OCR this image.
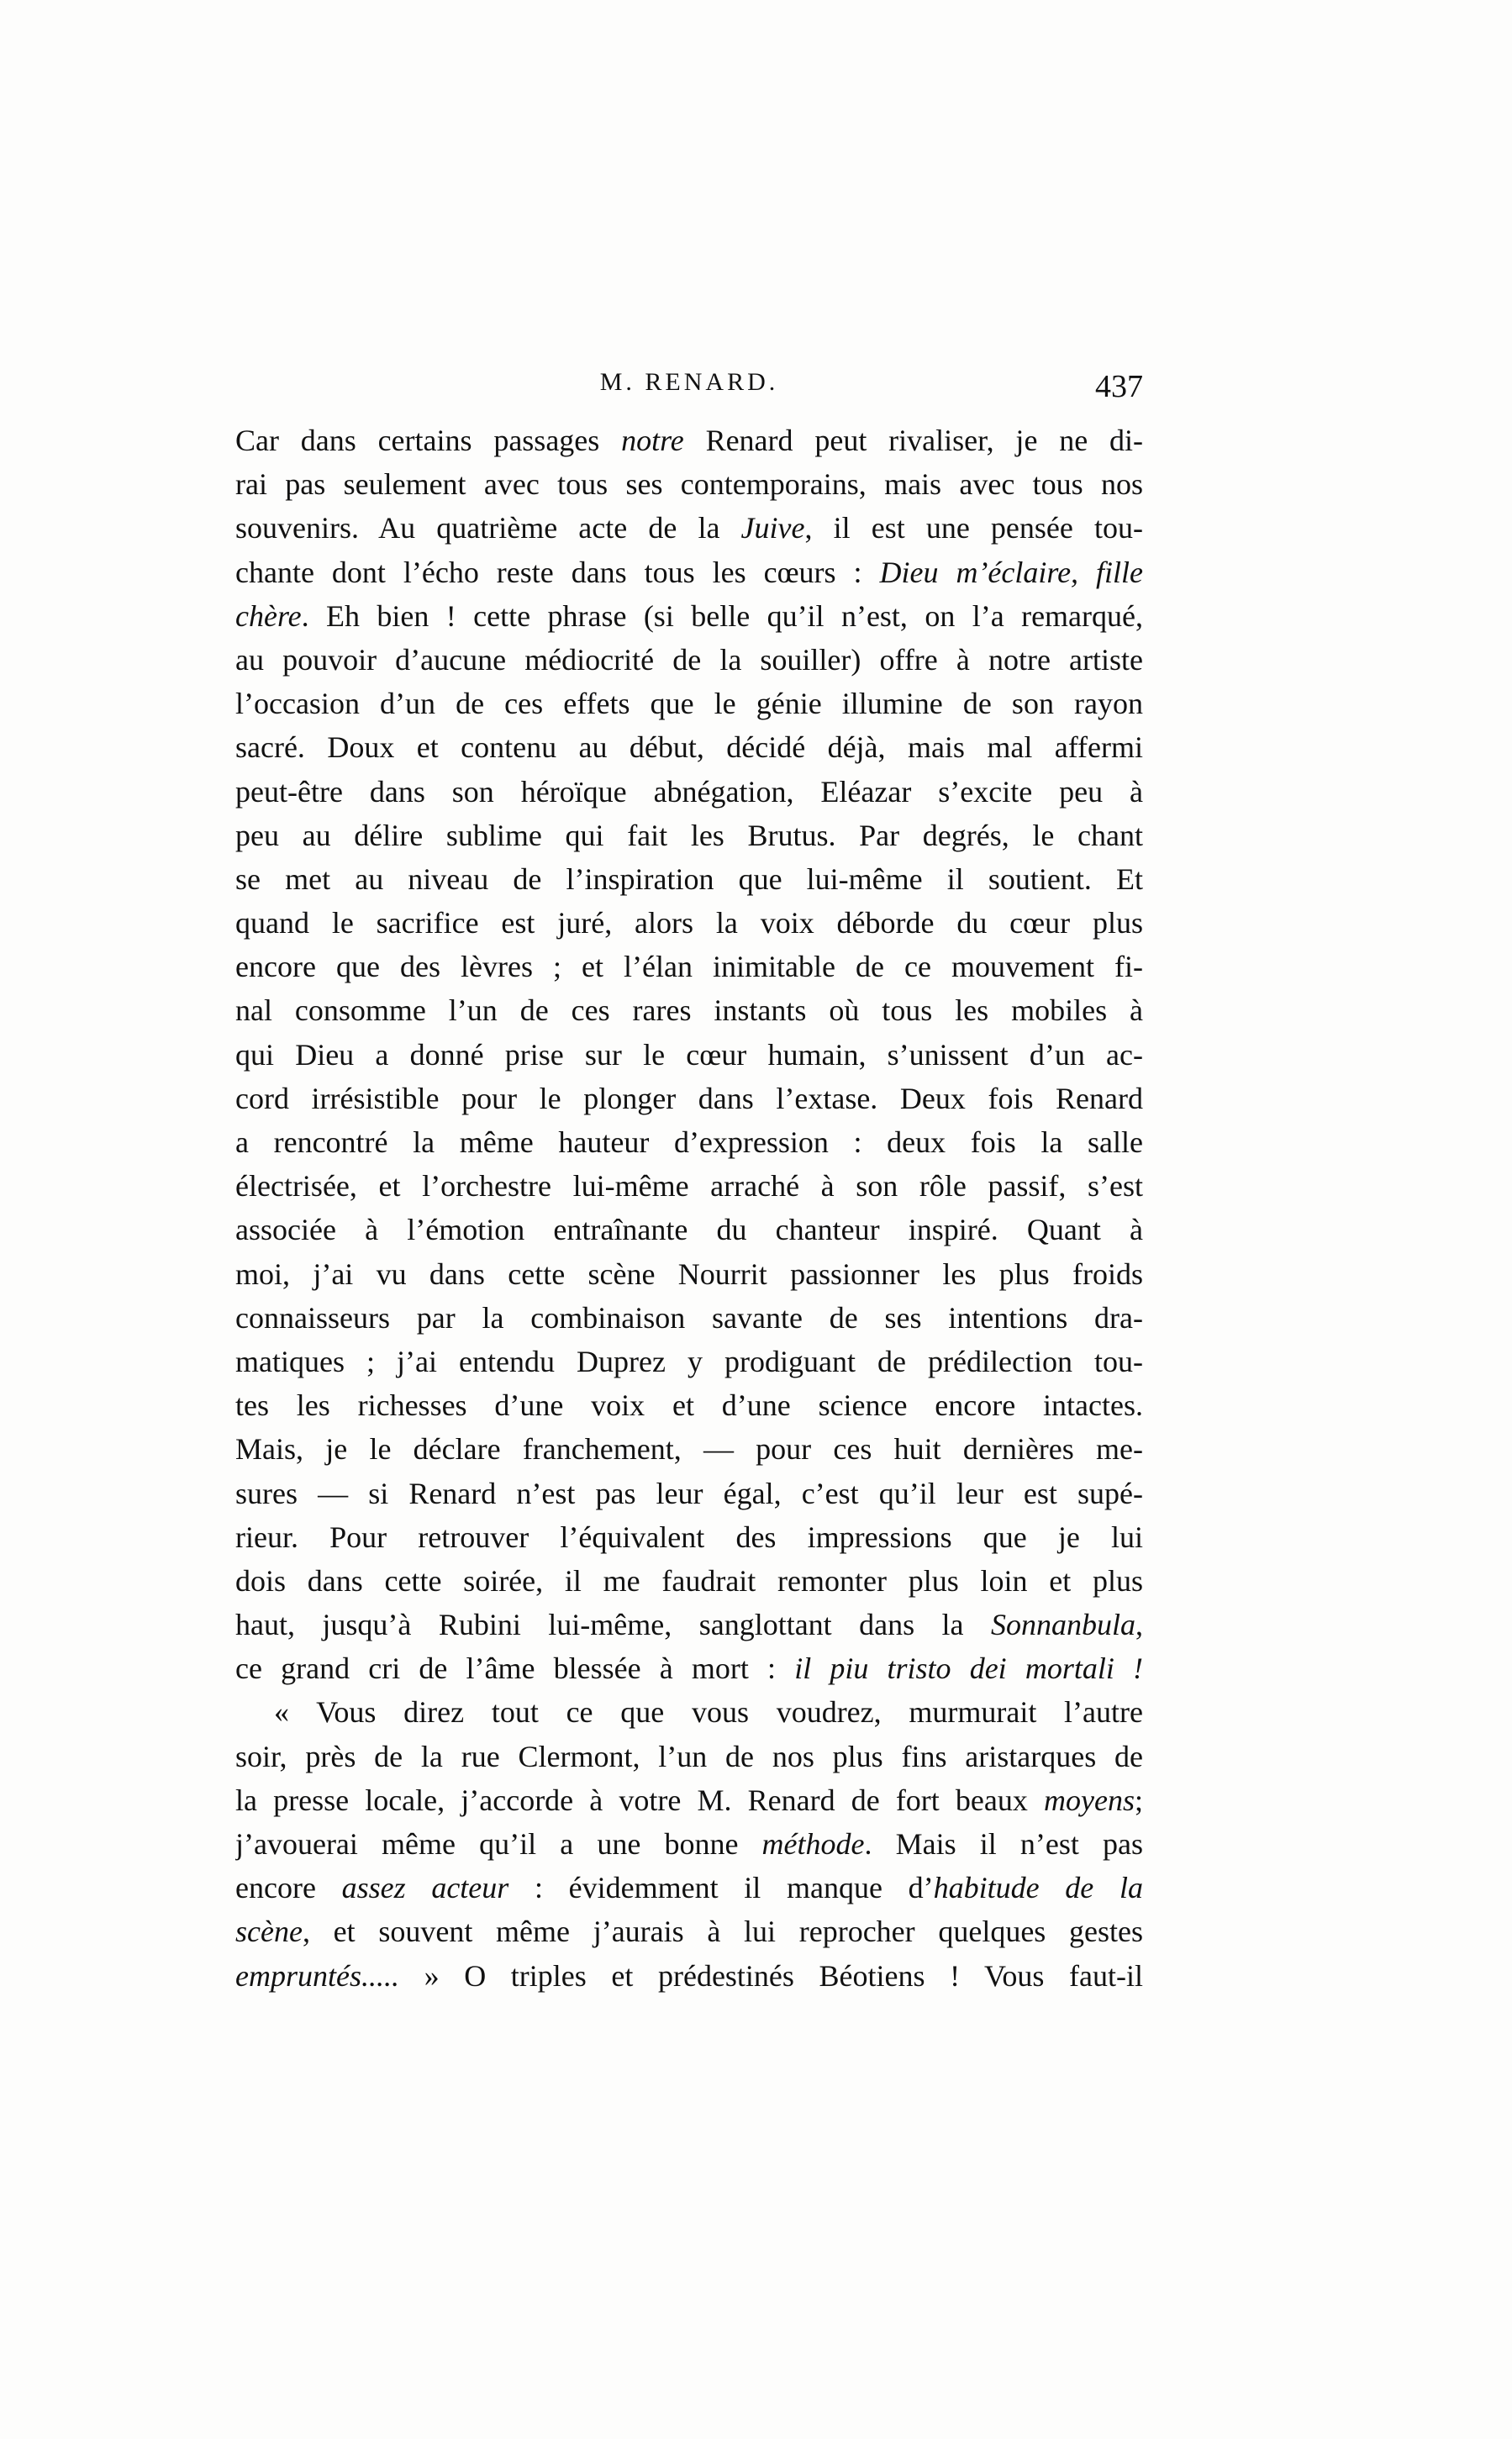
M. RENARD.	437
Car dans certains passages notre Renard peut rivaliser, je ne di-
rai pas seulement avec tous ses contemporains, mais avec tous nos
souvenirs. Au quatrième acte de la Juive, il est une pensée tou-
chante dont l’écho reste dans tous les cœurs : Dieu m’éclaire, fille
chère. Eh bien ! cette phrase (si belle qu’il n’est, on l’a remarqué,
au pouvoir d’aucune médiocrité de la souiller) offre à notre artiste
l’occasion d’un de ces effets que le génie illumine de son rayon
sacré. Doux et contenu au début, décidé déjà, mais mal affermi
peut-être dans son héroïque abnégation, Eléazar s’excite peu à
peu au délire sublime qui fait les Brutus. Par degrés, le chant
se met au niveau de l’inspiration que lui-même il soutient. Et
quand le sacrifice est juré, alors la voix déborde du cœur plus
encore que des lèvres ; et l’élan inimitable de ce mouvement fi-
nal consomme l’un de ces rares instants où tous les mobiles à
qui Dieu a donné prise sur le cœur humain, s’unissent d’un ac-
cord irrésistible pour le plonger dans l’extase. Deux fois Renard
a rencontré la même hauteur d’expression : deux fois la salle
électrisée, et l’orchestre lui-même arraché à son rôle passif, s’est
associée à l’émotion entraînante du chanteur inspiré. Quant à
moi, j’ai vu dans cette scène Nourrit passionner les plus froids
connaisseurs par la combinaison savante de ses intentions dra-
matiques ; j’ai entendu Duprez y prodiguant de prédilection tou-
tes les richesses d’une voix et d’une science encore intactes.
Mais, je le déclare franchement, — pour ces huit dernières me-
sures — si Renard n’est pas leur égal, c’est qu’il leur est supé-
rieur. Pour retrouver l’équivalent des impressions que je lui
dois dans cette soirée, il me faudrait remonter plus loin et plus
haut, jusqu’à Rubini lui-même, sanglottant dans la Sonnanbula,
ce grand cri de l’âme blessée à mort : il piu tristo dei mortali !
« Vous direz tout ce que vous voudrez, murmurait l’autre
soir, près de la rue Clermont, l’un de nos plus fins aristarques de
la presse locale, j’accorde à votre M. Renard de fort beaux moyens;
j’avouerai même qu’il a une bonne méthode. Mais il n’est pas
encore assez acteur : évidemment il manque d’habitude de la
scène, et souvent même j’aurais à lui reprocher quelques gestes
empruntés..... » O triples et prédestinés Béotiens ! Vous faut-il
